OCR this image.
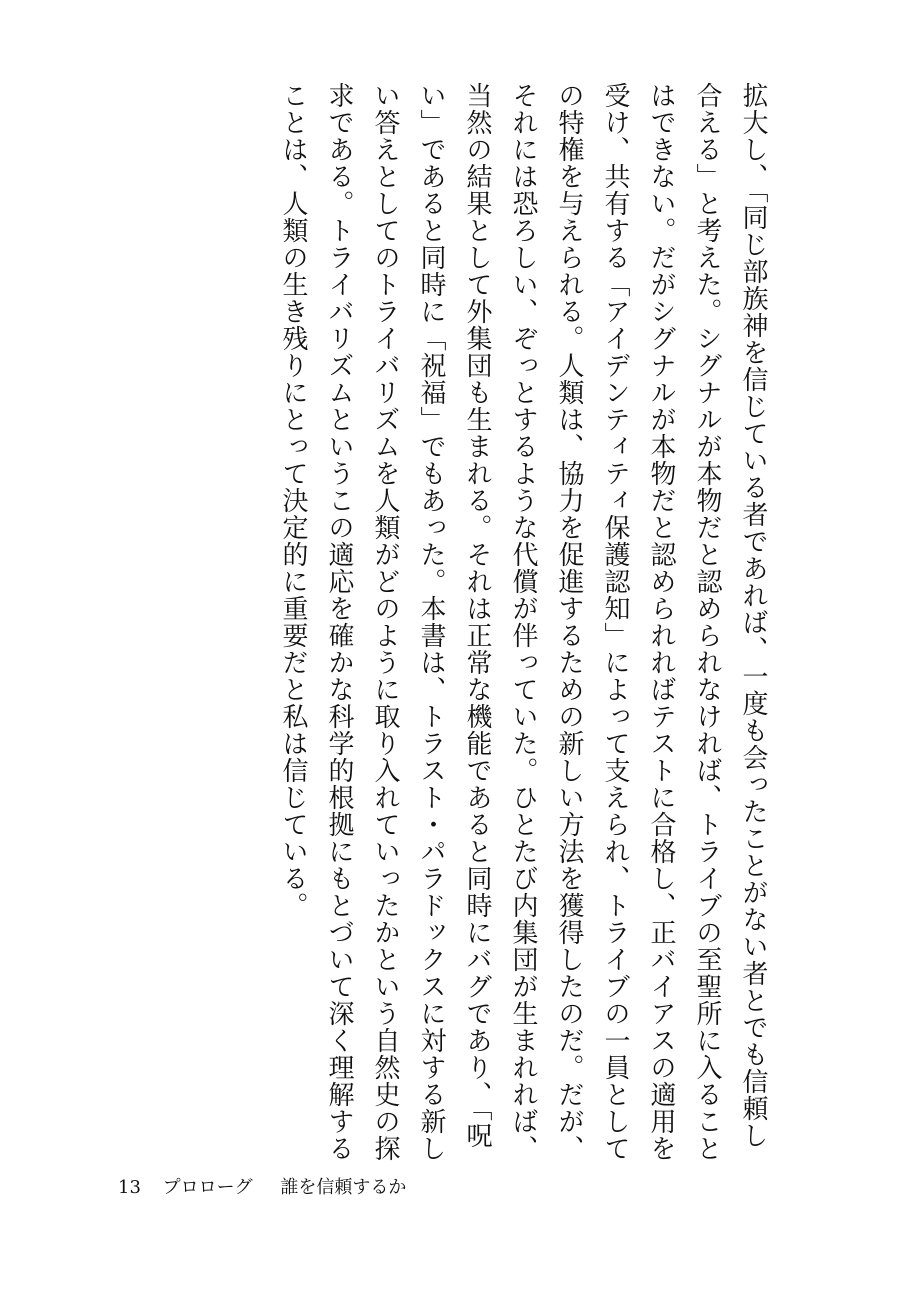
拡大し、「同じ部族神を信じている者であれば、一度も会ったことがない者とでも信頼し合える」と考えた。シグナルが本物だと認められなければ、トライブの至聖所に入ることはできない。だがシグナルが本物だと認められればテストに合格し、正バイアスの適用を受け、共有する「アイデンティティ保護認知」によって支えられ、トライブの一員としての特権を与えられる。人類は、協力を促進するための新しい方法を獲得したのだ。だが、それには恐ろしい、ぞっとするような代償が伴っていた。ひとたび内集団が生まれれば、当然の結果として外集団も生まれる。それは正常な機能であると同時にバグであり、「呪い」であると同時に「祝福」でもあった。本書は、トラスト・パラドックスに対する新しい答えとしてのトライバリズムを人類がどのように取り入れていったかという自然史の探求である。トライバリズムというこの適応を確かな科学的根拠にもとづいて深く理解することは、人類の生き残りにとって決定的に重要だと私は信じている。

13 プロローグ 誰を信頼するか
